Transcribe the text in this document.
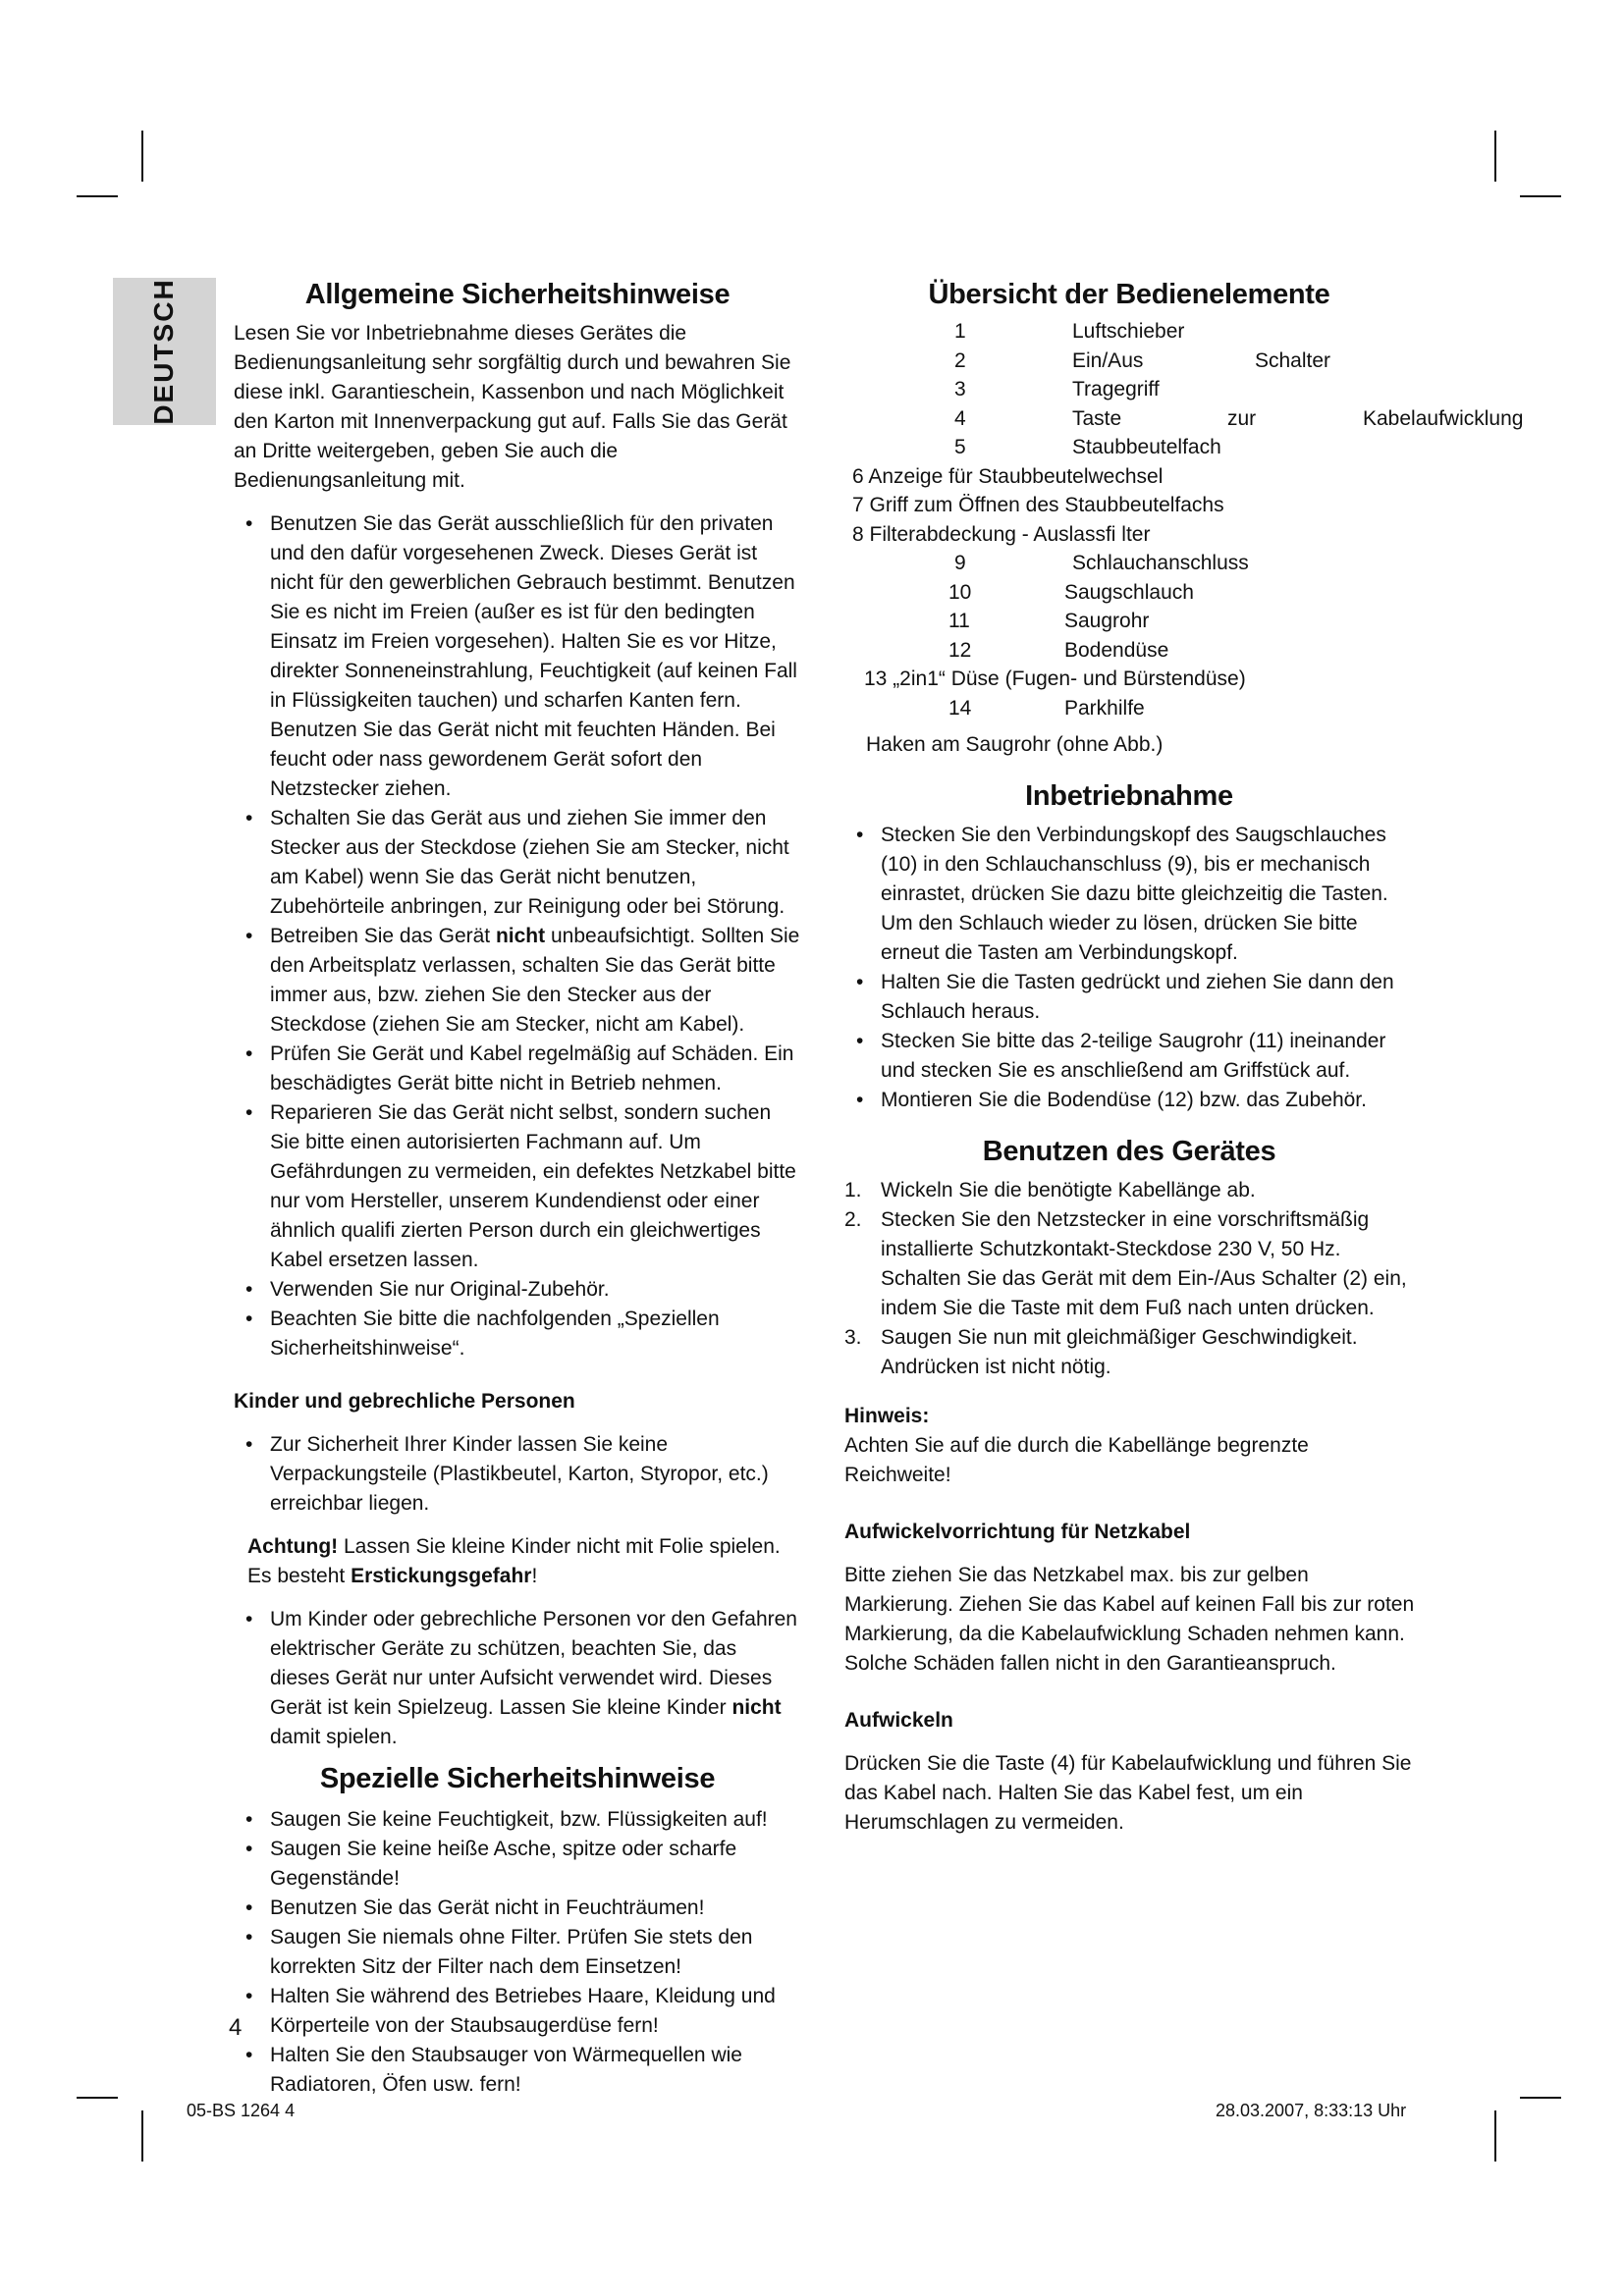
DEUTSCH	Allgemeine Sicherheitshinweise

Lesen Sie vor Inbetriebnahme dieses Gerätes die Bedienungsanleitung sehr sorgfältig durch und bewahren Sie diese inkl. Garantieschein, Kassenbon und nach Möglichkeit den Karton mit Innenverpackung gut auf. Falls Sie das Gerät an Dritte weitergeben, geben Sie auch die Bedienungsanleitung mit.

• Benutzen Sie das Gerät ausschließlich für den privaten und den dafür vorgesehenen Zweck. Dieses Gerät ist nicht für den gewerblichen Gebrauch bestimmt. Benutzen Sie es nicht im Freien (außer es ist für den bedingten Einsatz im Freien vorgesehen). Halten Sie es vor Hitze, direkter Sonneneinstrahlung, Feuchtigkeit (auf keinen Fall in Flüssigkeiten tauchen) und scharfen Kanten fern. Benutzen Sie das Gerät nicht mit feuchten Händen. Bei feucht oder nass gewordenem Gerät sofort den Netzstecker ziehen.
• Schalten Sie das Gerät aus und ziehen Sie immer den Stecker aus der Steckdose (ziehen Sie am Stecker, nicht am Kabel) wenn Sie das Gerät nicht benutzen, Zubehörteile anbringen, zur Reinigung oder bei Störung.
• Betreiben Sie das Gerät nicht unbeaufsichtigt. Sollten Sie den Arbeitsplatz verlassen, schalten Sie das Gerät bitte immer aus, bzw. ziehen Sie den Stecker aus der Steckdose (ziehen Sie am Stecker, nicht am Kabel).
• Prüfen Sie Gerät und Kabel regelmäßig auf Schäden. Ein beschädigtes Gerät bitte nicht in Betrieb nehmen.
• Reparieren Sie das Gerät nicht selbst, sondern suchen Sie bitte einen autorisierten Fachmann auf. Um Gefährdungen zu vermeiden, ein defektes Netzkabel bitte nur vom Hersteller, unserem Kundendienst oder einer ähnlich qualifi zierten Person durch ein gleichwertiges Kabel ersetzen lassen.
• Verwenden Sie nur Original-Zubehör.
• Beachten Sie bitte die nachfolgenden „Speziellen Sicherheitshinweise“.
Kinder und gebrechliche Personen
• Zur Sicherheit Ihrer Kinder lassen Sie keine Verpackungsteile (Plastikbeutel, Karton, Styropor, etc.) erreichbar liegen.

Achtung! Lassen Sie kleine Kinder nicht mit Folie spielen. Es besteht Erstickungsgefahr!

• Um Kinder oder gebrechliche Personen vor den Gefahren elektrischer Geräte zu schützen, beachten Sie, das dieses Gerät nur unter Aufsicht verwendet wird. Dieses Gerät ist kein Spielzeug. Lassen Sie kleine Kinder nicht damit spielen.
Spezielle Sicherheitshinweise
• Saugen Sie keine Feuchtigkeit, bzw. Flüssigkeiten auf!
• Saugen Sie keine heiße Asche, spitze oder scharfe Gegenstände!
• Benutzen Sie das Gerät nicht in Feuchträumen!
• Saugen Sie niemals ohne Filter. Prüfen Sie stets den korrekten Sitz der Filter nach dem Einsetzen!
• Halten Sie während des Betriebes Haare, Kleidung und Körperteile von der Staubsaugerdüse fern!
• Halten Sie den Staubsauger von Wärmequellen wie Radiatoren, Öfen usw. fern!
Übersicht der Bedienelemente
1	Luftschieber
2	Ein/Aus	Schalter
3	Tragegriff
4	Taste	zur	Kabelaufwicklung
5	Staubbeutelfach
6 Anzeige für Staubbeutelwechsel
7 Griff zum Öffnen des Staubbeutelfachs
8 Filterabdeckung - Auslassfi lter
9	Schlauchanschluss
10	Saugschlauch
11	Saugrohr
12	Bodendüse
13 „2in1“ Düse (Fugen- und Bürstendüse)
14	Parkhilfe

Haken am Saugrohr (ohne Abb.)

Inbetriebnahme
• Stecken Sie den Verbindungskopf des Saugschlauches (10) in den Schlauchanschluss (9), bis er mechanisch einrastet, drücken Sie dazu bitte gleichzeitig die Tasten. Um den Schlauch wieder zu lösen, drücken Sie bitte erneut die Tasten am Verbindungskopf.
• Halten Sie die Tasten gedrückt und ziehen Sie dann den Schlauch heraus.
• Stecken Sie bitte das 2-teilige Saugrohr (11) ineinander und stecken Sie es anschließend am Griffstück auf.
• Montieren Sie die Bodendüse (12) bzw. das Zubehör.
Benutzen des Gerätes
1. Wickeln Sie die benötigte Kabellänge ab.
2. Stecken Sie den Netzstecker in eine vorschriftsmäßig installierte Schutzkontakt-Steckdose 230 V, 50 Hz. Schalten Sie das Gerät mit dem Ein-/Aus Schalter (2) ein, indem Sie die Taste mit dem Fuß nach unten drücken.
3. Saugen Sie nun mit gleichmäßiger Geschwindigkeit. Andrücken ist nicht nötig.
Hinweis:

Achten Sie auf die durch die Kabellänge begrenzte Reichweite!

Aufwickelvorrichtung für Netzkabel

Bitte ziehen Sie das Netzkabel max. bis zur gelben Markierung. Ziehen Sie das Kabel auf keinen Fall bis zur roten Markierung, da die Kabelaufwicklung Schaden nehmen kann. Solche Schäden fallen nicht in den Garantieanspruch.

Aufwickeln

Drücken Sie die Taste (4) für Kabelaufwicklung und führen Sie das Kabel nach. Halten Sie das Kabel fest, um ein Herumschlagen zu vermeiden.

4
05-BS 1264 4	28.03.2007, 8:33:13 Uhr
